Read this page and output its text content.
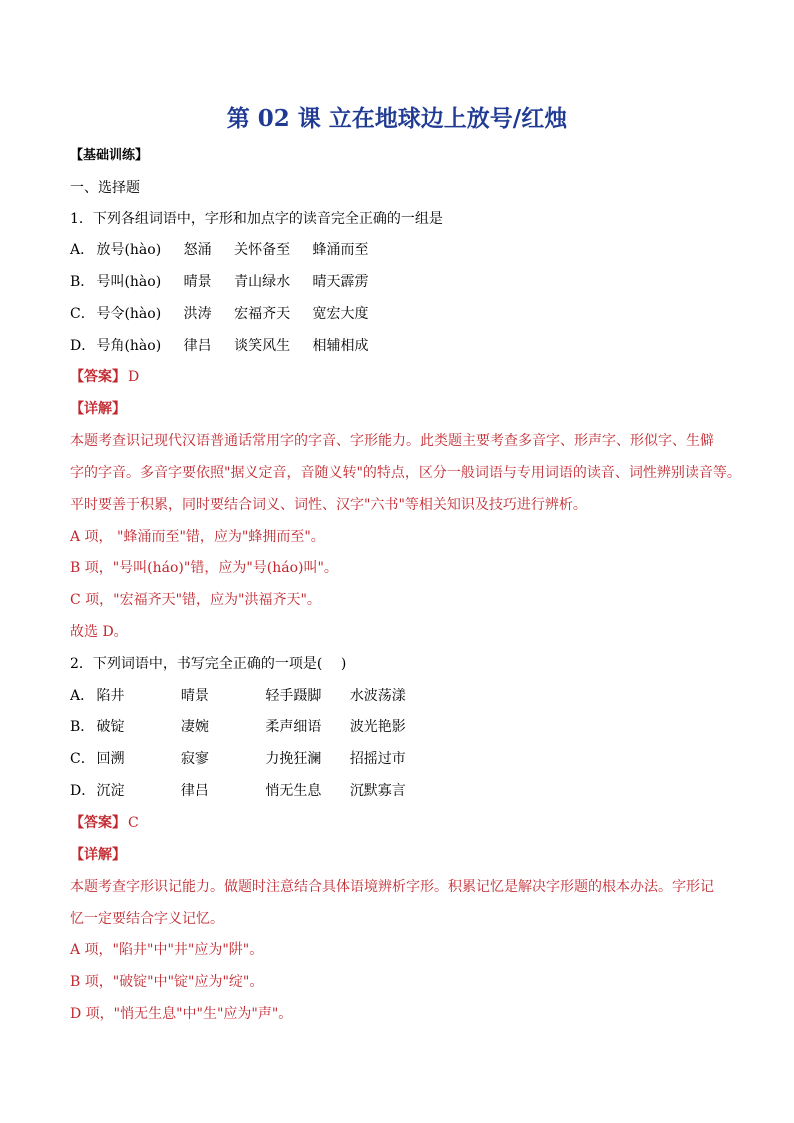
第 02 课 立在地球边上放号/红烛
【基础训练】
一、选择题
1．下列各组词语中，字形和加点字的读音完全正确的一组是
A． 放号(hào) 怒涌 关怀备至 蜂涌而至
B． 号叫(hào) 晴景 青山绿水 晴天霹雳
C． 号令(hào) 洪涛 宏福齐天 宽宏大度
D． 号角(hào) 律吕 谈笑风生 相辅相成
【答案】 D
【详解】
本题考查识记现代汉语普通话常用字的字音、字形能力。此类题主要考查多音字、形声字、形似字、生僻
字的字音。多音字要依照"据义定音，音随义转"的特点，区分一般词语与专用词语的读音、词性辨别读音等。
平时要善于积累，同时要结合词义、词性、汉字"六书"等相关知识及技巧进行辨析。
A 项， "蜂涌而至"错，应为"蜂拥而至"。
B 项，"号叫(háo)"错，应为"号(háo)叫"。
C 项，"宏福齐天"错，应为"洪福齐天"。
故选 D。
2．下列词语中，书写完全正确的一项是(　 )
A． 陷井	晴景	轻手蹑脚 水波荡漾
B． 破锭	凄婉	柔声细语 波光艳影
C． 回溯	寂寥	力挽狂澜 招摇过市
D． 沉淀	律吕	悄无生息 沉默寡言
【答案】 C
【详解】
本题考查字形识记能力。做题时注意结合具体语境辨析字形。积累记忆是解决字形题的根本办法。字形记
忆一定要结合字义记忆。
A 项，"陷井"中"井"应为"阱"。
B 项，"破锭"中"锭"应为"绽"。
D 项，"悄无生息"中"生"应为"声"。
